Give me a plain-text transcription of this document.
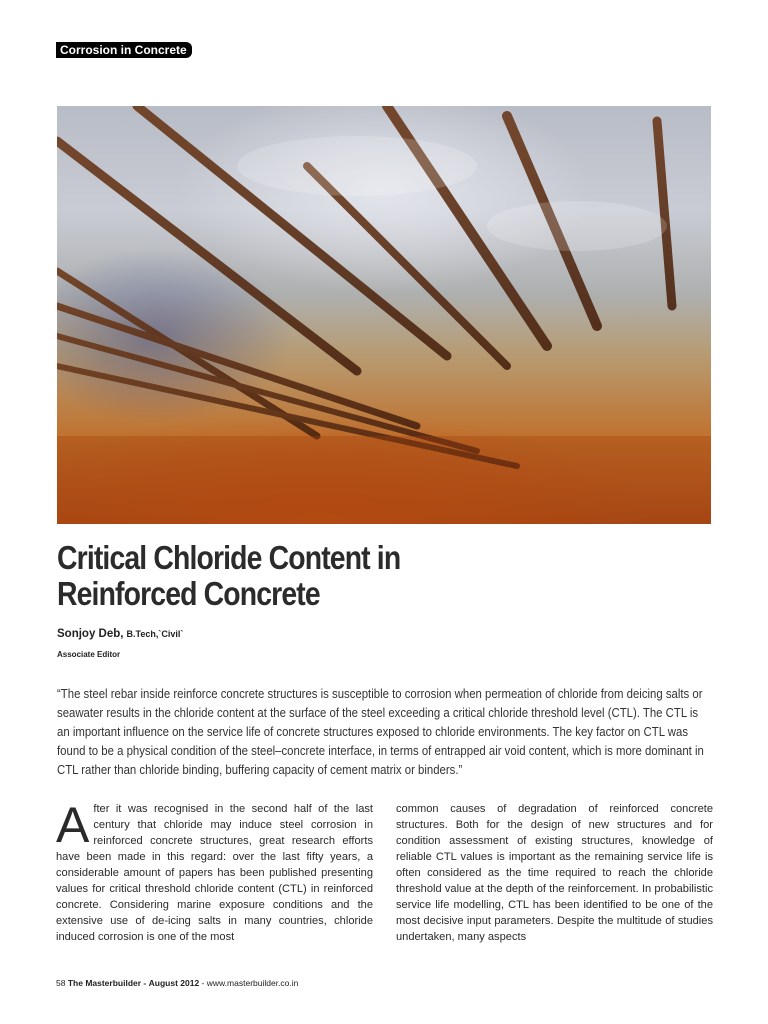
Corrosion in Concrete
Critical Chloride Content in Reinforced Concrete
Sonjoy Deb, B.Tech,`Civil`
Associate Editor

“The steel rebar inside reinforce concrete structures is susceptible to corrosion when permeation of chloride from deicing salts or seawater results in the chloride content at the surface of the steel exceeding a critical chloride threshold level (CTL). The CTL is an important influence on the service life of concrete structures exposed to chloride environments. The key factor on CTL was found to be a physical condition of the steel–concrete interface, in terms of entrapped air void content, which is more dominant in CTL rather than chloride binding, buffering capacity of cement matrix or binders.”

After it was recognised in the second half of the last century that chloride may induce steel corrosion in reinforced concrete structures, great research efforts have been made in this regard: over the last fifty years, a considerable amount of papers has been published presenting values for critical threshold chloride content (CTL) in reinforced concrete. Considering marine exposure conditions and the extensive use of de-icing salts in many countries, chloride induced corrosion is one of the most
common causes of degradation of reinforced concrete structures. Both for the design of new structures and for condition assessment of existing structures, knowledge of reliable CTL values is important as the remaining service life is often considered as the time required to reach the chloride threshold value at the depth of the reinforcement. In probabilistic service life modelling, CTL has been identified to be one of the most decisive input parameters. Despite the multitude of studies undertaken, many aspects
58 The Masterbuilder - August 2012 - www.masterbuilder.co.in
